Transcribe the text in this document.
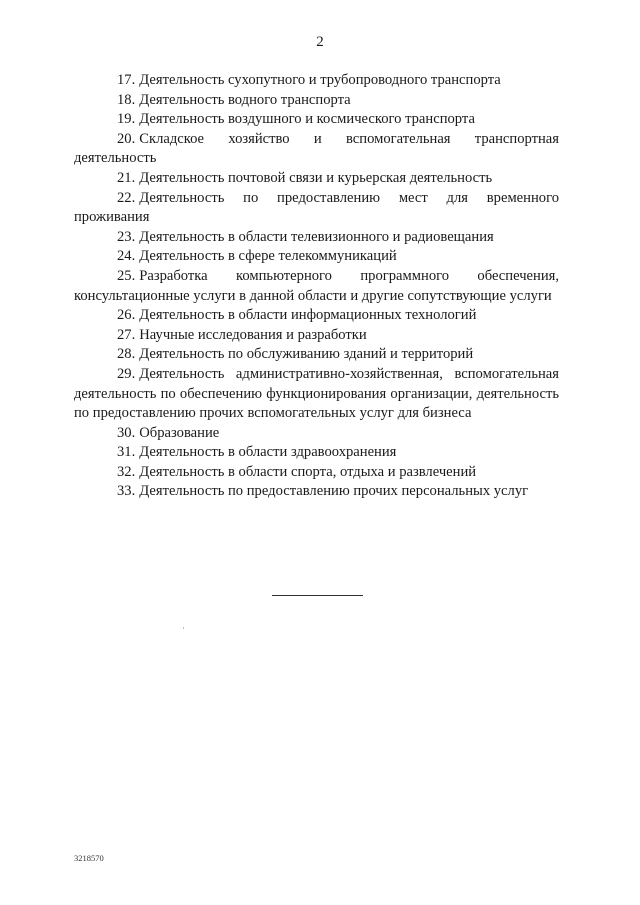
2
17. Деятельность сухопутного и трубопроводного транспорта
18. Деятельность водного транспорта
19. Деятельность воздушного и космического транспорта
20. Складское хозяйство и вспомогательная транспортная деятельность
21. Деятельность почтовой связи и курьерская деятельность
22. Деятельность по предоставлению мест для временного проживания
23. Деятельность в области телевизионного и радиовещания
24. Деятельность в сфере телекоммуникаций
25. Разработка компьютерного программного обеспечения, консультационные услуги в данной области и другие сопутствующие услуги
26. Деятельность в области информационных технологий
27. Научные исследования и разработки
28. Деятельность по обслуживанию зданий и территорий
29. Деятельность административно-хозяйственная, вспомогательная деятельность по обеспечению функционирования организации, деятельность по предоставлению прочих вспомогательных услуг для бизнеса
30. Образование
31. Деятельность в области здравоохранения
32. Деятельность в области спорта, отдыха и развлечений
33. Деятельность по предоставлению прочих персональных услуг
3218570
